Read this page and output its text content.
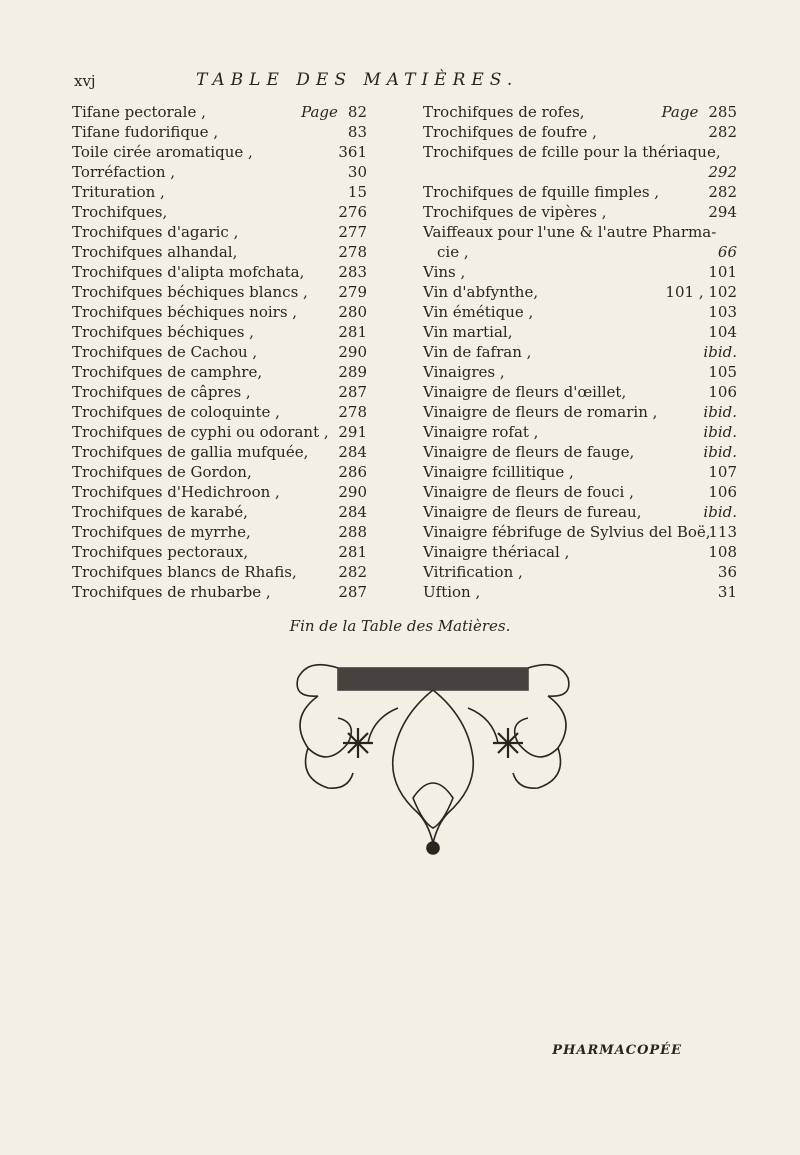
xvj	TABLE DES MATIÈRES.
Tifane pectorale ,	Page 82
Tifane fudorifique ,	83
Toile cirée aromatique ,	361
Torréfaction ,	30
Trituration ,	15
Trochifques,	276
Trochifques d'agaric ,	277
Trochifques alhandal,	278
Trochifques d'alipta mofchata, 283
Trochifques béchiques blancs , 279
Trochifques béchiques noirs ,	280
Trochifques béchiques ,	281
Trochifques de Cachou ,	290
Trochifques de camphre,	289
Trochifques de câpres ,	287
Trochifques de coloquinte ,	278
Trochifques de cyphi ou odorant , 291
Trochifques de gallia mufquée, 284
Trochifques de Gordon,	286
Trochifques d'Hedichroon ,	290
Trochifques de karabé,	284
Trochifques de myrrhe,	288
Trochifques pectoraux,	281
Trochifques blancs de Rhafis,	282
Trochifques de rhubarbe ,	287
Trochifques de rofes,	Page 285
Trochifques de foufre ,	282
Trochifques de fcille pour la thériaque,
292
Trochifques de fquille fimples ,	282
Trochifques de vipères ,	294
Vaiffeaux pour l'une & l'autre Pharma-
cie ,	66
Vins ,	101
Vin d'abfynthe,	101 , 102
Vin émétique ,	103
Vin martial,	104
Vin de fafran ,	ibid.
Vinaigres ,	105
Vinaigre de fleurs d'œillet,	106
Vinaigre de fleurs de romarin ,	ibid.
Vinaigre rofat ,	ibid.
Vinaigre de fleurs de fauge,	ibid.
Vinaigre fcillitique ,	107
Vinaigre de fleurs de fouci ,	106
Vinaigre de fleurs de fureau,	ibid.
Vinaigre fébrifuge de Sylvius del Boë,
113
Vinaigre thériacal ,	108
Vitrification ,	36
Uftion ,	31
Fin de la Table des Matières.
PHARMACOPÉE
